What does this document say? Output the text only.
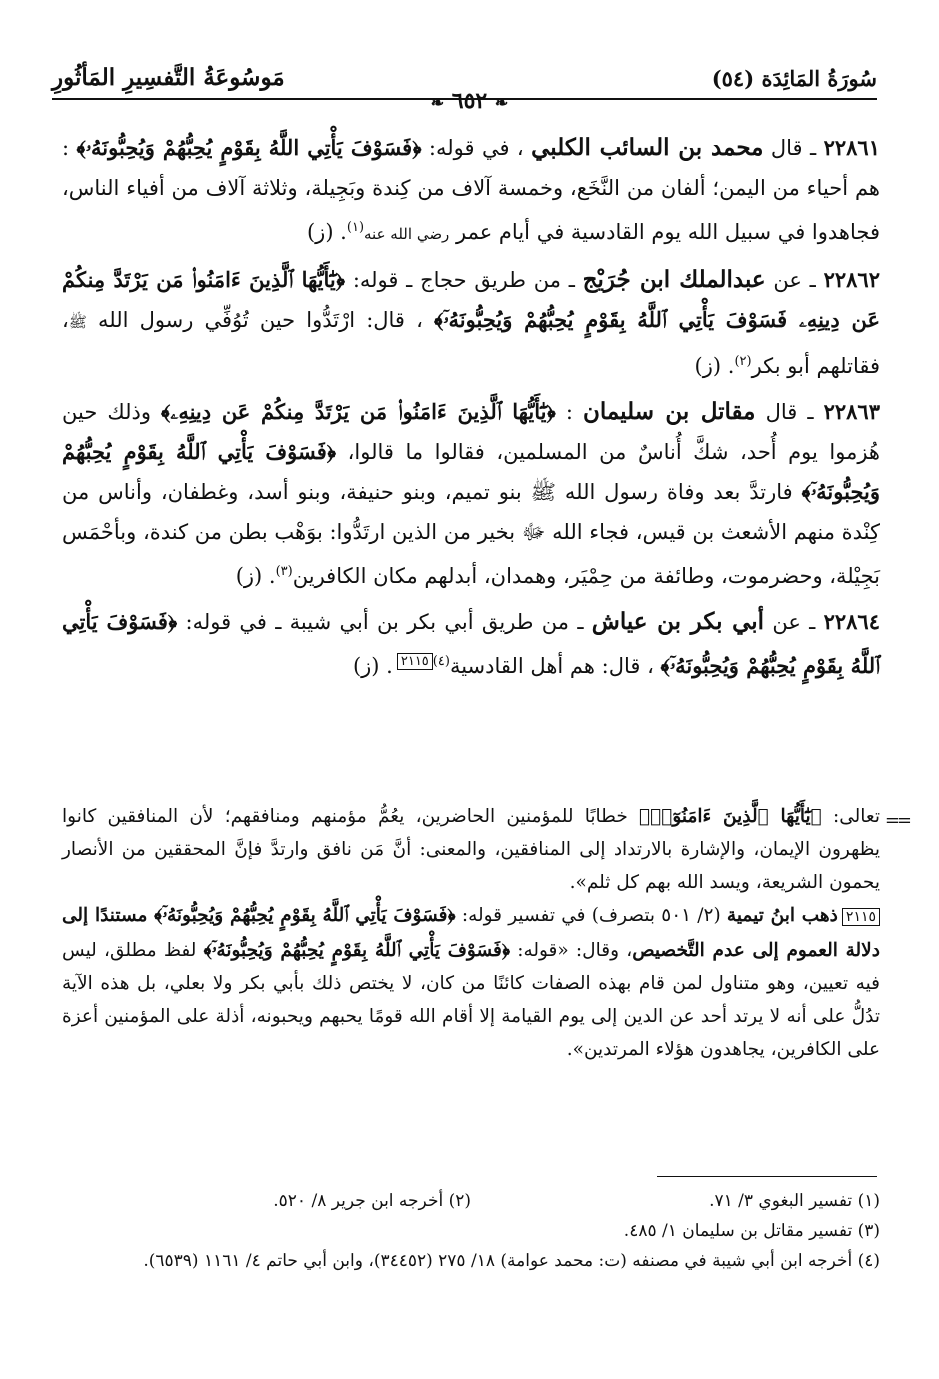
سُورَةُ المَائِدَة (٥٤)
مَوسُوعَةُ التَّفسِيرِ المَأثُورِ
❧ ٦٥٢ ❧

٢٢٨٦١ ـ قال محمد بن السائب الكلبي ، في قوله: ﴿فَسَوْفَ يَأْتِي اللَّهُ بِقَوْمٍ يُحِبُّهُمْ وَيُحِبُّونَهُۥ﴾ : هم أحياء من اليمن؛ ألفان من النَّخَع، وخمسة آلاف من كِندة وبَجِيلة، وثلاثة آلاف من أفياء الناس، فجاهدوا في سبيل الله يوم القادسية في أيام عمر رضي الله عنه$^{(١)}$. (ز)

٢٢٨٦٢ ـ عن عبدالملك ابن جُرَيْج ـ من طريق حجاج ـ قوله: ﴿يَٰٓأَيُّهَا ٱلَّذِينَ ءَامَنُوا۟ مَن يَرْتَدَّ مِنكُمْ عَن دِينِهِۦ فَسَوْفَ يَأْتِي ٱللَّهُ بِقَوْمٍ يُحِبُّهُمْ وَيُحِبُّونَهُۥٓ﴾ ، قال: ارْتَدُّوا حين تُوُفِّي رسول الله ﷺ، فقاتلهم أبو بكر$^{(٢)}$. (ز)

٢٢٨٦٣ ـ قال مقاتل بن سليمان : ﴿يَٰٓأَيُّهَا ٱلَّذِينَ ءَامَنُوا۟ مَن يَرْتَدَّ مِنكُمْ عَن دِينِهِۦ﴾ وذلك حين هُزموا يوم أُحد، شكَّ أُناسٌ من المسلمين، فقالوا ما قالوا، ﴿فَسَوْفَ يَأْتِي ٱللَّهُ بِقَوْمٍ يُحِبُّهُمْ وَيُحِبُّونَهُۥٓ﴾ فارتدَّ بعد وفاة رسول الله ﷺ بنو تميم، وبنو حنيفة، وبنو أسد، وغطفان، وأناس من كِنْدة منهم الأشعث بن قيس، فجاء الله ﷻ بخير من الذين ارتَدُّوا: بوَهْب بطن من كندة، وبأحْمَس بَجِيْلة، وحضرموت، وطائفة من حِمْيَر، وهمدان، أبدلهم مكان الكافرين$^{(٣)}$. (ز)

٢٢٨٦٤ ـ عن أبي بكر بن عياش ـ من طريق أبي بكر بن أبي شيبة ـ في قوله: ﴿فَسَوْفَ يَأْتِي ٱللَّهُ بِقَوْمٍ يُحِبُّهُمْ وَيُحِبُّونَهُۥٓ﴾ ، قال: هم أهل القادسية$^{(٤)٢١١٥}$. (ز)

تعالى: ﴿يَٰٓأَيُّهَا ٱلَّذِينَ ءَامَنُوٓا۟﴾ خطابًا للمؤمنين الحاضرين، يعُمُّ مؤمنهم ومنافقهم؛ لأن المنافقين كانوا يظهرون الإيمان، والإشارة بالارتداد إلى المنافقين، والمعنى: أنَّ مَن نافق وارتدَّ فإنَّ المحققين من الأنصار يحمون الشريعة، ويسد الله بهم كل ثلم».

٢١١٥ذهب ابنُ تيمية (٢/ ٥٠١ بتصرف) في تفسير قوله: ﴿فَسَوْفَ يَأْتِي ٱللَّهُ بِقَوْمٍ يُحِبُّهُمْ وَيُحِبُّونَهُۥٓ﴾ مستندًا إلى دلالة العموم إلى عدم التَّخصيص، وقال: «قوله: ﴿فَسَوْفَ يَأْتِي ٱللَّهُ بِقَوْمٍ يُحِبُّهُمْ وَيُحِبُّونَهُۥٓ﴾ لفظ مطلق، ليس فيه تعيين، وهو متناول لمن قام بهذه الصفات كائنًا من كان، لا يختص ذلك بأبي بكر ولا بعلي، بل هذه الآية تدُلُّ على أنه لا يرتد أحد عن الدين إلى يوم القيامة إلا أقام الله قومًا يحبهم ويحبونه، أذلة على المؤمنين أعزة على الكافرين، يجاهدون هؤلاء المرتدين».

==
(١) تفسير البغوي ٣/ ٧١.
(٢) أخرجه ابن جرير ٨/ ٥٢٠.
(٣) تفسير مقاتل بن سليمان ١/ ٤٨٥.
(٤) أخرجه ابن أبي شيبة في مصنفه (ت: محمد عوامة) ١٨/ ٢٧٥ (٣٤٤٥٢)، وابن أبي حاتم ٤/ ١١٦١ (٦٥٣٩).
